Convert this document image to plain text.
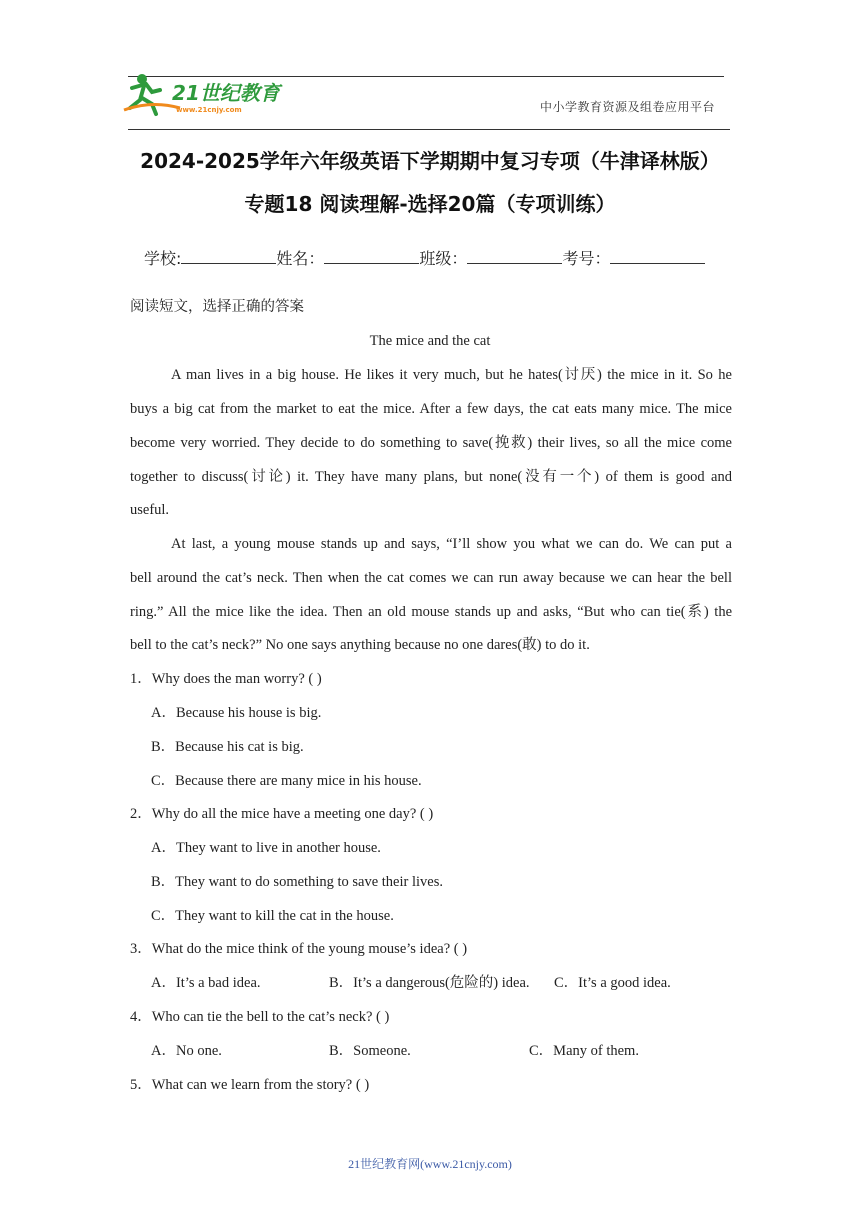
21世纪教育
www.21cnjy.com	中小学教育资源及组卷应用平台
2024-2025学年六年级英语下学期期中复习专项（牛津译林版）
专题18 阅读理解-选择20篇（专项训练）
学校:	姓名：	班级：	考号：
阅读短文，选择正确的答案
The mice and the cat
A man lives in a big house. He likes it very much, but he hates(讨厌) the mice in it. So he
buys a big cat from the market to eat the mice. After a few days, the cat eats many mice. The mice
become very worried. They decide to do something to save(挽救) their lives, so all the mice come
together to discuss(讨论) it. They have many plans, but none(没有一个) of them is good and
useful.
At last, a young mouse stands up and says, “I’ll show you what we can do. We can put a
bell around the cat’s neck. Then when the cat comes we can run away because we can hear the bell
ring.” All the mice like the idea. Then an old mouse stands up and asks, “But who can tie(系) the
bell to the cat’s neck?” No one says anything because no one dares(敢) to do it.
1．Why does the man worry? ( )
A．Because his house is big.
B．Because his cat is big.
C．Because there are many mice in his house.
2．Why do all the mice have a meeting one day? ( )
A．They want to live in another house.
B．They want to do something to save their lives.
C．They want to kill the cat in the house.
3．What do the mice think of the young mouse’s idea? ( )
A．It’s a bad idea.	B．It’s a dangerous(危险的) idea. C．It’s a good idea.
4．Who can tie the bell to the cat’s neck? ( )
A．No one.	B．Someone.	C．Many of them.
5．What can we learn from the story? ( )
21世纪教育网(www.21cnjy.com)
